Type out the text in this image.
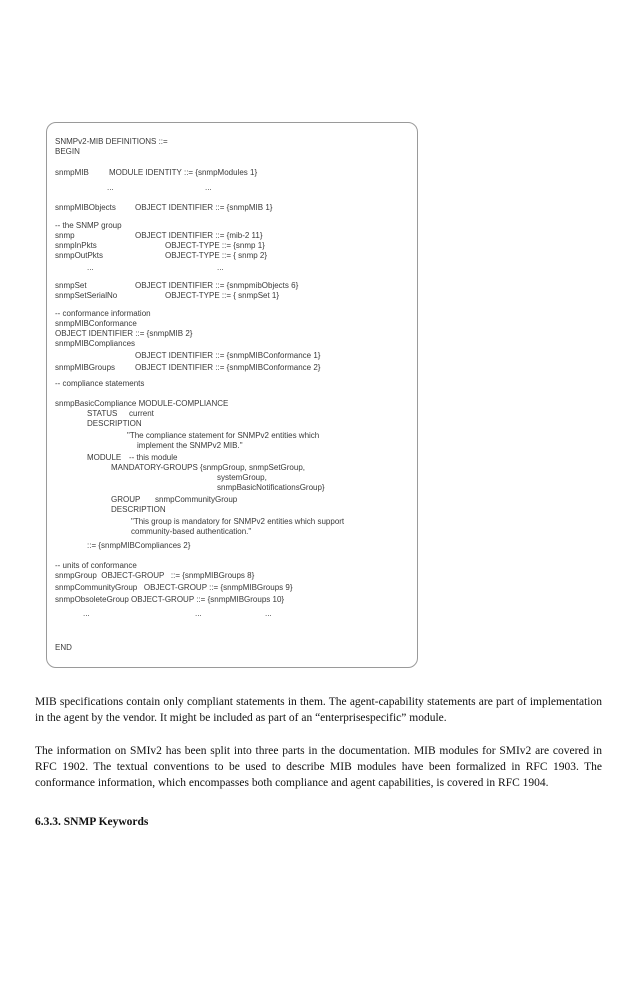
SNMPv2-MIB DEFINITIONS ::=
BEGIN
snmpMIB	MODULE IDENTITY ::= {snmpModules 1}
...	...
snmpMIBObjects OBJECT IDENTIFIER ::= {snmpMIB 1}
-- the SNMP group
snmp	OBJECT IDENTIFIER ::= {mib-2 11}
snmpInPkts	OBJECT-TYPE ::= {snmp 1}
snmpOutPkts	OBJECT-TYPE ::= { snmp 2}
...	...
snmpSet	OBJECT IDENTIFIER ::= {snmpmibObjects 6}
snmpSetSerialNo	OBJECT-TYPE ::= { snmpSet 1}
-- conformance information
snmpMIBConformance
OBJECT IDENTIFIER ::= {snmpMIB 2}
snmpMIBCompliances
OBJECT IDENTIFIER ::= {snmpMIBConformance 1}
snmpMIBGroups OBJECT IDENTIFIER ::= {snmpMIBConformance 2}
-- compliance statements
snmpBasicCompliance MODULE-COMPLIANCE
STATUS current
DESCRIPTION
"The compliance statement for SNMPv2 entities which
implement the SNMPv2 MIB."
MODULE -- this module
MANDATORY-GROUPS {snmpGroup, snmpSetGroup,
systemGroup,
snmpBasicNotificationsGroup}
GROUP snmpCommunityGroup
DESCRIPTION
"This group is mandatory for SNMPv2 entities which support
community-based authentication."
::= {snmpMIBCompliances 2}
-- units of conformance
snmpGroup  OBJECT-GROUP   ::= {snmpMIBGroups 8}
snmpCommunityGroup   OBJECT-GROUP ::= {snmpMIBGroups 9}
snmpObsoleteGroup OBJECT-GROUP ::= {snmpMIBGroups 10}
...	...	...
END

MIB specifications contain only compliant statements in them. The agent-capability statements are part of implementation in the agent by the vendor. It might be included as part of an “enterprisespecific” module.

The information on SMIv2 has been split into three parts in the documentation. MIB modules for SMIv2 are covered in RFC 1902. The textual conventions to be used to describe MIB modules have been formalized in RFC 1903. The conformance information, which encompasses both compliance and agent capabilities, is covered in RFC 1904.

6.3.3. SNMP Keywords
